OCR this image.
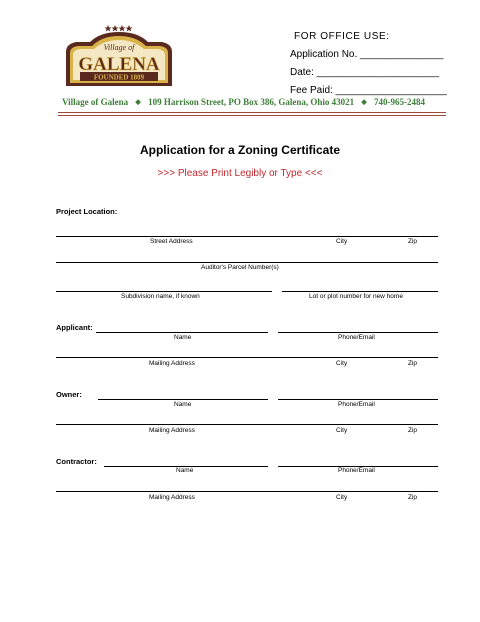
FOUNDED 1809
Village of
GALENA
FOR OFFICE USE:
Application No. _______________
Date: ______________________
Fee Paid: ____________________
Village of Galena ◆ 109 Harrison Street, PO Box 386, Galena, Ohio 43021 ◆ 740-965-2484
Application for a Zoning Certificate
>>> Please Print Legibly or Type <<<
Project Location:
Street Address	City	Zip
Auditor's Parcel Number(s)
Subdivision name, if known	Lot or plot number for new home
Applicant:
Name	Phone/Email
Mailing Address	City	Zip
Owner:
Name	Phone/Email
Mailing Address	City	Zip
Contractor:
Name	Phone/Email
Mailing Address	City	Zip
